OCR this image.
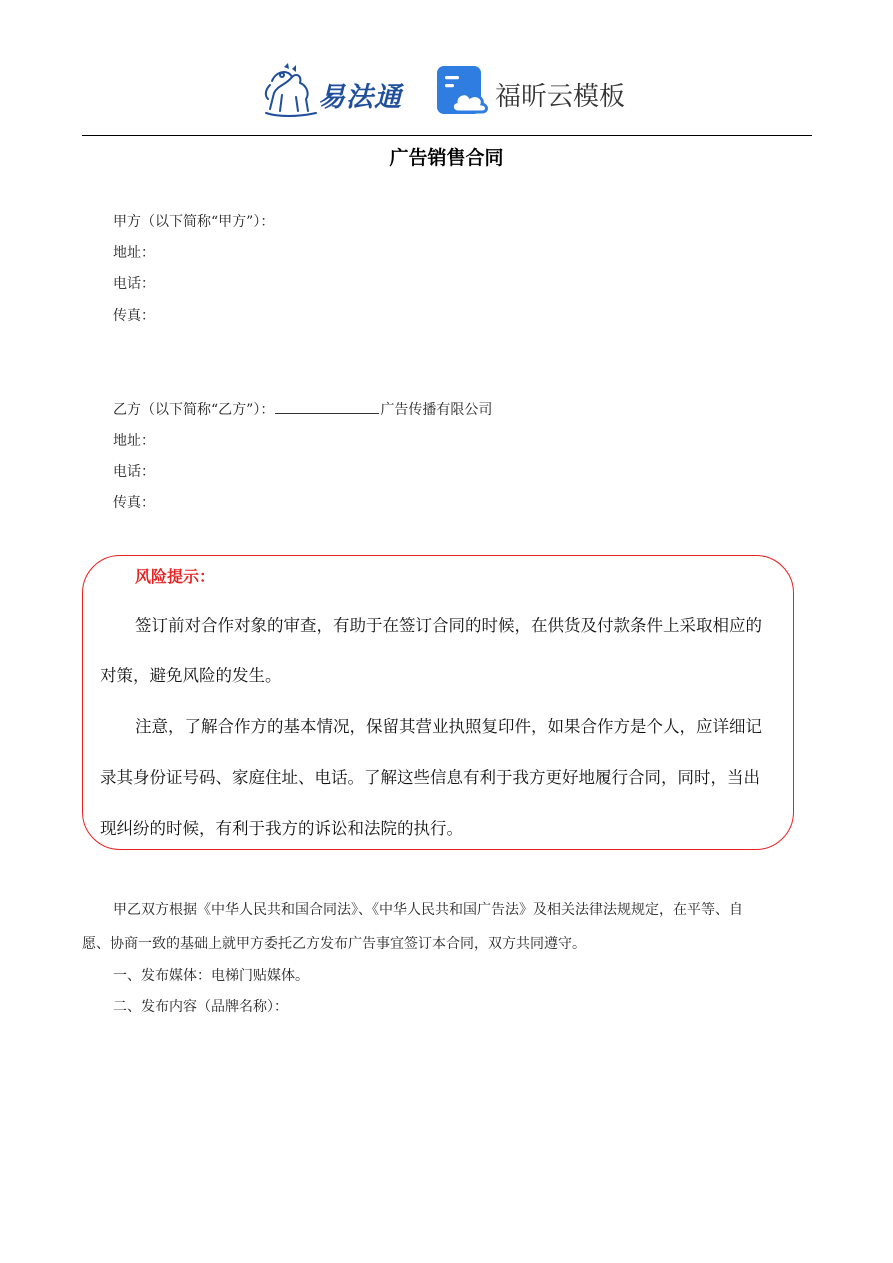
易法通	福昕云模板
广告销售合同
甲方（以下简称“甲方”）：
地址：
电话：
传真：
乙方（以下简称“乙方”）：	广告传播有限公司
地址：
电话：
传真：
风险提示：
签订前对合作对象的审查，有助于在签订合同的时候，在供货及付款条件上采取相应的
对策，避免风险的发生。
注意，了解合作方的基本情况，保留其营业执照复印件，如果合作方是个人，应详细记
录其身份证号码、家庭住址、电话。了解这些信息有利于我方更好地履行合同，同时，当出
现纠纷的时候，有利于我方的诉讼和法院的执行。
甲乙双方根据《中华人民共和国合同法》、《中华人民共和国广告法》及相关法律法规规定，在平等、自
愿、协商一致的基础上就甲方委托乙方发布广告事宜签订本合同，双方共同遵守。
一、发布媒体：电梯门贴媒体。
二、发布内容（品牌名称）：
